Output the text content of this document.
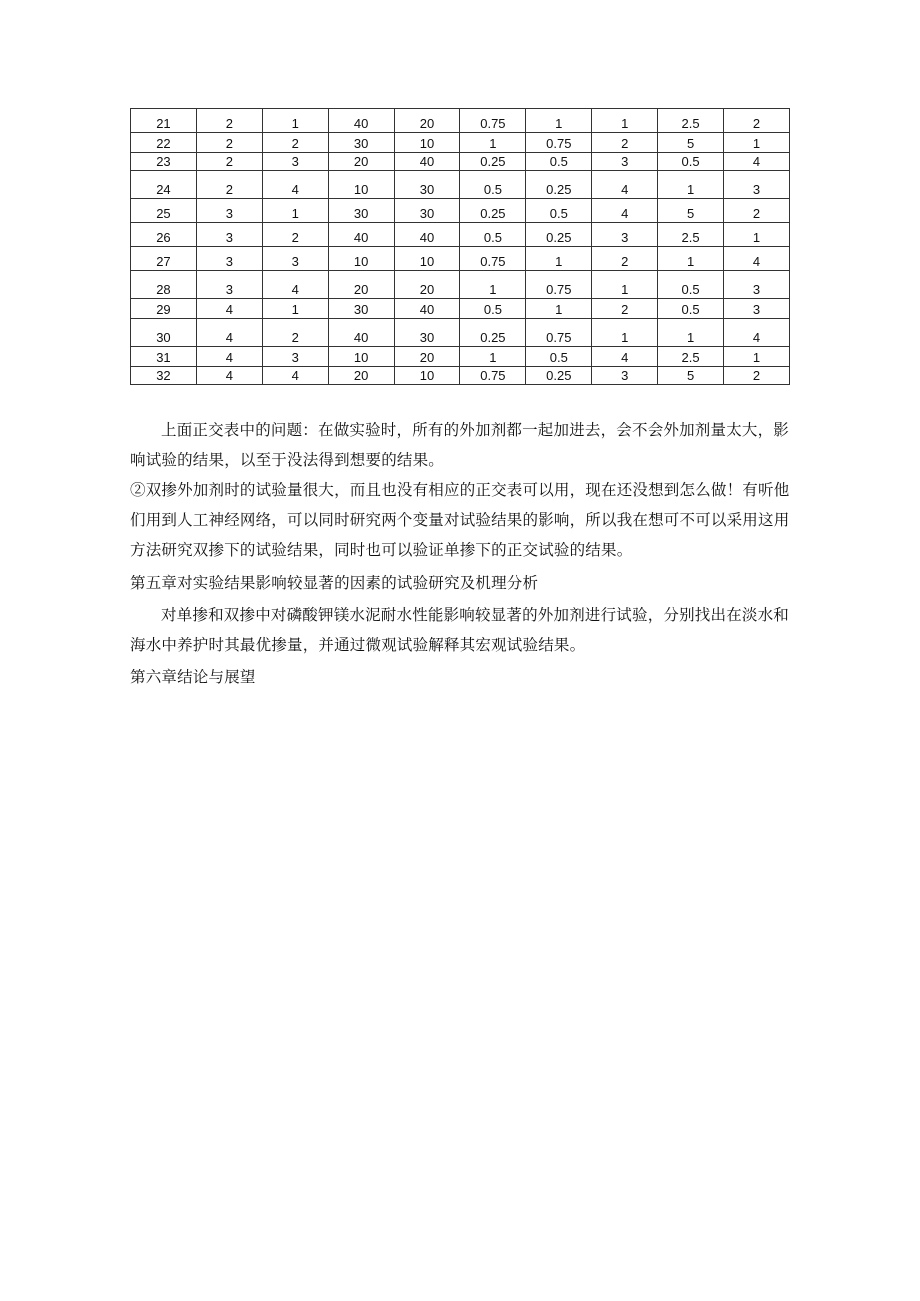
21	2	1	40	20	0.75	1	1	2.5	2
22	2	2	30	10	1	0.75	2	5	1
23	2	3	20	40	0.25	0.5	3	0.5	4
24	2	4	10	30	0.5	0.25	4	1	3
25	3	1	30	30	0.25	0.5	4	5	2
26	3	2	40	40	0.5	0.25	3	2.5	1
27	3	3	10	10	0.75	1	2	1	4
28	3	4	20	20	1	0.75	1	0.5	3
29	4	1	30	40	0.5	1	2	0.5	3
30	4	2	40	30	0.25	0.75	1	1	4
31	4	3	10	20	1	0.5	4	2.5	1
32	4	4	20	10	0.75	0.25	3	5	2
上面正交表中的问题：在做实验时，所有的外加剂都一起加进去，会不会外加剂量太大，影响试验的结果，以至于没法得到想要的结果。
②双掺外加剂时的试验量很大，而且也没有相应的正交表可以用，现在还没想到怎么做！有听他们用到人工神经网络，可以同时研究两个变量对试验结果的影响，所以我在想可不可以采用这用方法研究双掺下的试验结果，同时也可以验证单掺下的正交试验的结果。
第五章对实验结果影响较显著的因素的试验研究及机理分析
对单掺和双掺中对磷酸钾镁水泥耐水性能影响较显著的外加剂进行试验，分别找出在淡水和海水中养护时其最优掺量，并通过微观试验解释其宏观试验结果。
第六章结论与展望
